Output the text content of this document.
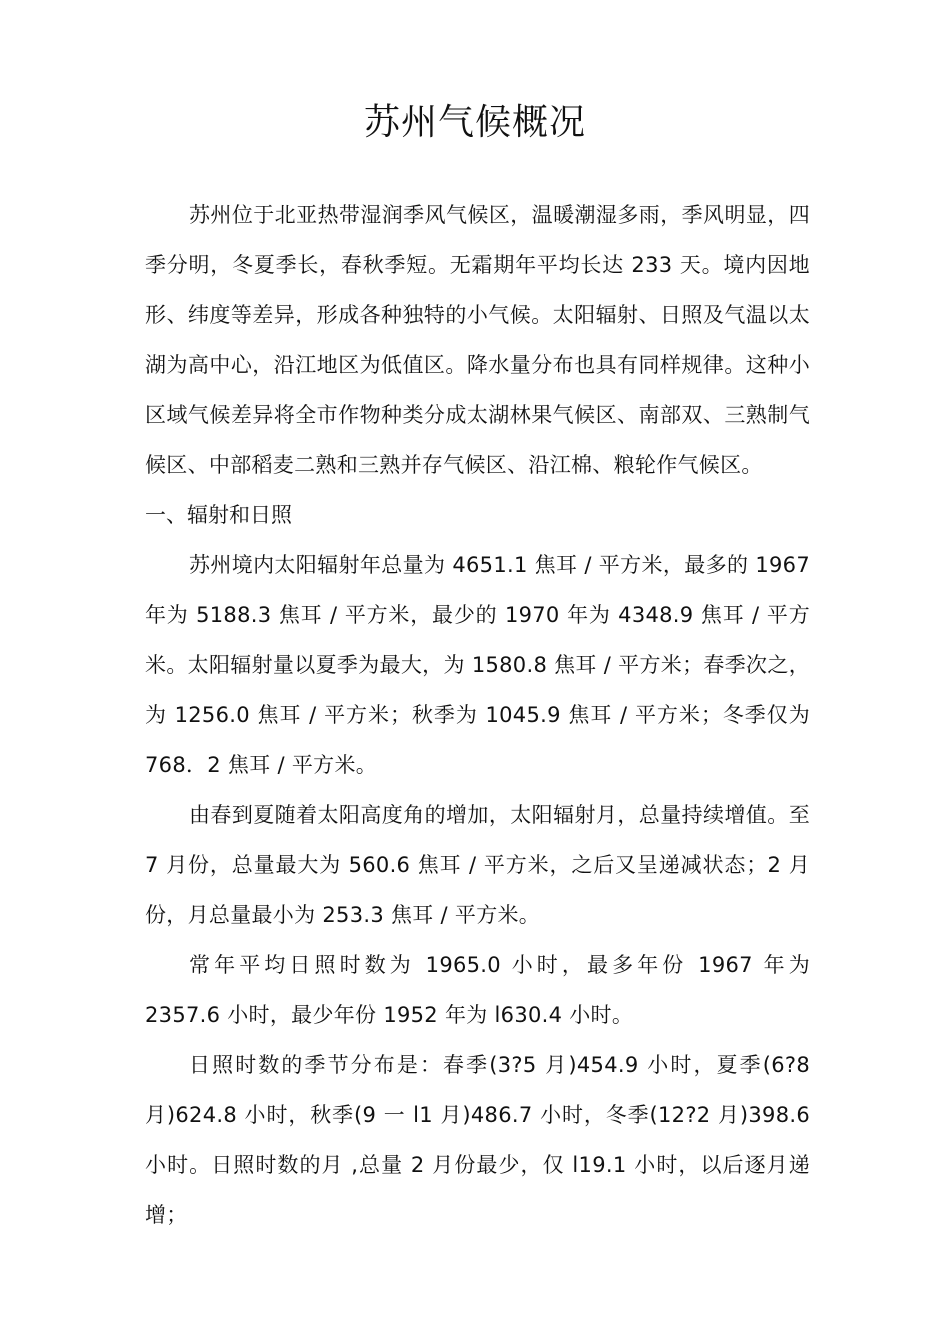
苏州气候概况

苏州位于北亚热带湿润季风气候区，温暖潮湿多雨，季风明显，四季分明，冬夏季长，春秋季短。无霜期年平均长达 233 天。境内因地形、纬度等差异，形成各种独特的小气候。太阳辐射、日照及气温以太湖为高中心，沿江地区为低值区。降水量分布也具有同样规律。这种小区域气候差异将全市作物种类分成太湖林果气候区、南部双、三熟制气候区、中部稻麦二熟和三熟并存气候区、沿江棉、粮轮作气候区。

一、辐射和日照

苏州境内太阳辐射年总量为 4651.1 焦耳 / 平方米，最多的 1967 年为 5188.3 焦耳 / 平方米，最少的 1970 年为 4348.9 焦耳 / 平方米。太阳辐射量以夏季为最大，为 1580.8 焦耳 / 平方米；春季次之，为 1256.0 焦耳 / 平方米；秋季为 1045.9 焦耳 / 平方米；冬季仅为 768．2 焦耳 / 平方米。

由春到夏随着太阳高度角的增加，太阳辐射月，总量持续增值。至 7 月份，总量最大为 560.6 焦耳 / 平方米，之后又呈递减状态；2 月份，月总量最小为 253.3 焦耳 / 平方米。

常年平均日照时数为 1965.0 小时，最多年份 1967 年为 2357.6 小时，最少年份 1952 年为 l630.4 小时。

日照时数的季节分布是：春季(3?5 月)454.9 小时，夏季(6?8 月)624.8 小时，秋季(9 一 l1 月)486.7 小时，冬季(12?2 月)398.6 小时。日照时数的月 ,总量 2 月份最少，仅 l19.1 小时，以后逐月递增；
